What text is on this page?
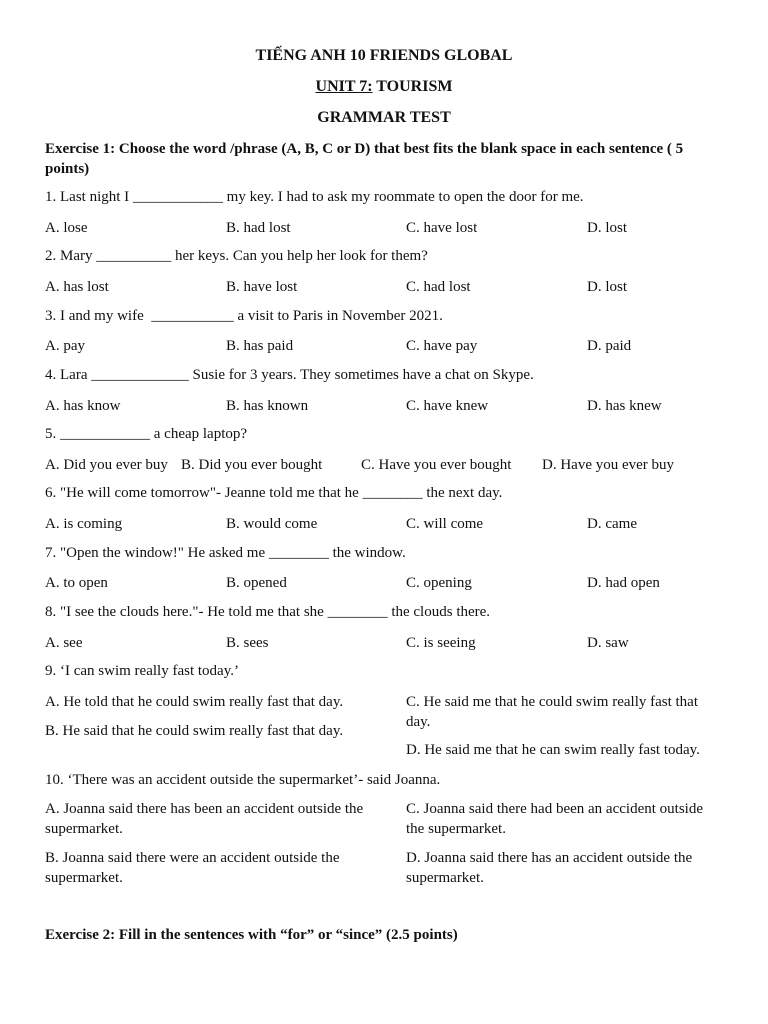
TIẾNG ANH 10 FRIENDS GLOBAL
UNIT 7: TOURISM
GRAMMAR TEST
Exercise 1: Choose the word /phrase (A, B, C or D) that best fits the blank space in each sentence ( 5
points)
1. Last night I ____________ my key. I had to ask my roommate to open the door for me.
A. lose	B. had lost	C. have lost	D. lost
2. Mary __________ her keys. Can you help her look for them?
A. has lost	B. have lost	C. had lost	D. lost
3. I and my wife  ___________ a visit to Paris in November 2021.
A. pay	B. has paid	C. have pay	D. paid
4. Lara _____________ Susie for 3 years. They sometimes have a chat on Skype.
A. has know	B. has known	C. have knew	D. has knew
5. ____________ a cheap laptop?
A. Did you ever buy B. Did you ever bought	C. Have you ever bought D. Have you ever buy
6. "He will come tomorrow"- Jeanne told me that he ________ the next day.
A. is coming	B. would come	C. will come	D. came
7. "Open the window!" He asked me ________ the window.
A. to open	B. opened	C. opening	D. had open
8. "I see the clouds here."- He told me that she ________ the clouds there.
A. see	B. sees	C. is seeing	D. saw
9. ‘I can swim really fast today.’
A. He told that he could swim really fast that day.
B. He said that he could swim really fast that day.
C. He said me that he could swim really fast that day.
D. He said me that he can swim really fast today.
10. ‘There was an accident outside the supermarket’- said Joanna.
A. Joanna said there has been an accident outside the supermarket.
B. Joanna said there were an accident outside the supermarket.
C. Joanna said there had been an accident outside the supermarket.
D. Joanna said there has an accident outside the supermarket.
Exercise 2: Fill in the sentences with “for” or “since” (2.5 points)
